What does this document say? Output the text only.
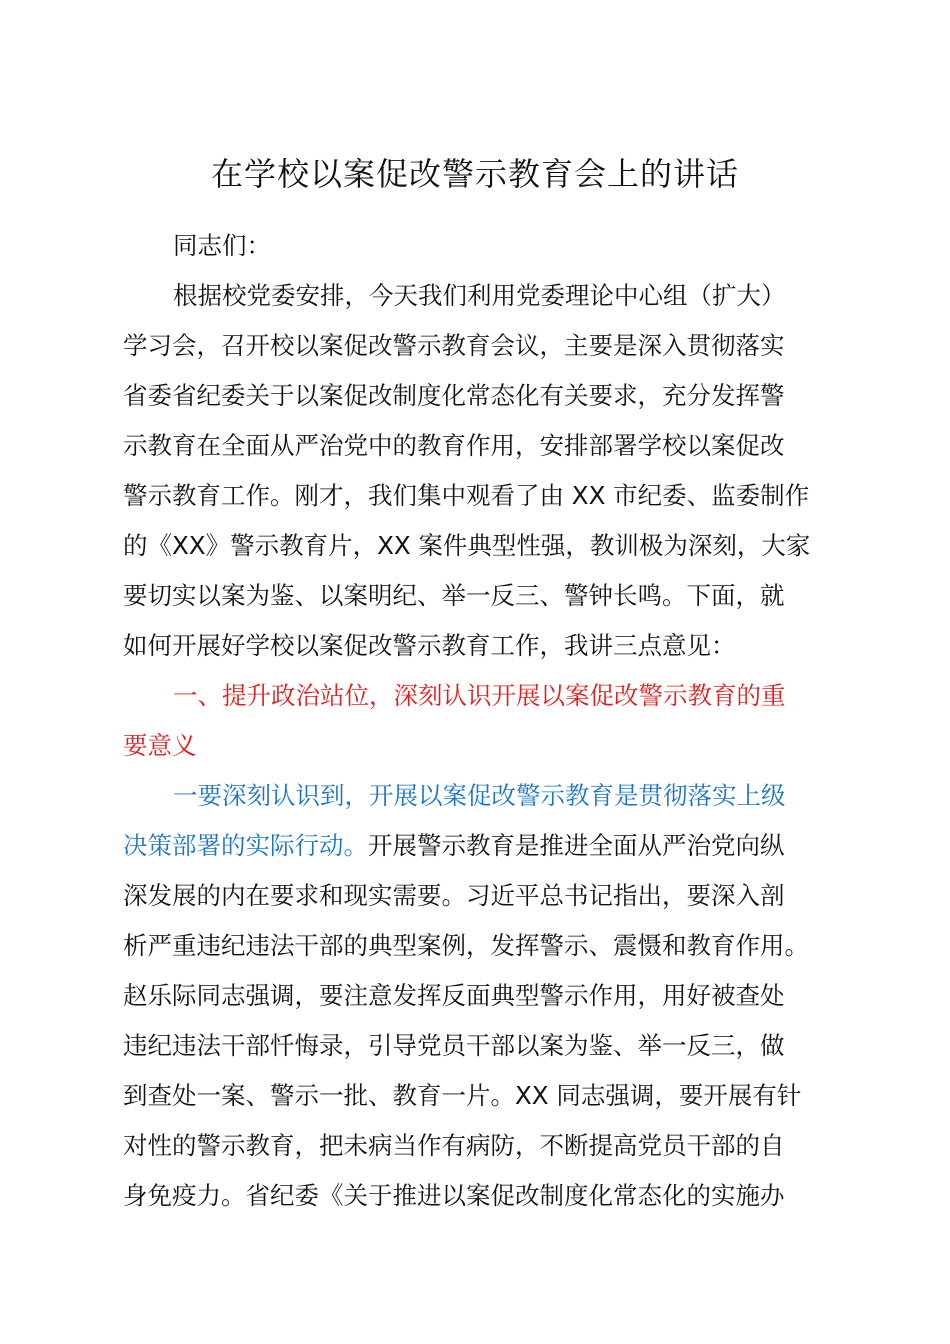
在学校以案促改警示教育会上的讲话
同志们：
根据校党委安排，今天我们利用党委理论中心组（扩大）
学习会，召开校以案促改警示教育会议，主要是深入贯彻落实
省委省纪委关于以案促改制度化常态化有关要求，充分发挥警
示教育在全面从严治党中的教育作用，安排部署学校以案促改
警示教育工作。刚才，我们集中观看了由 XX 市纪委、监委制作
的《XX》警示教育片，XX 案件典型性强，教训极为深刻，大家
要切实以案为鉴、以案明纪、举一反三、警钟长鸣。下面，就
如何开展好学校以案促改警示教育工作，我讲三点意见：
一、提升政治站位，深刻认识开展以案促改警示教育的重
要意义
一要深刻认识到，开展以案促改警示教育是贯彻落实上级
决策部署的实际行动。开展警示教育是推进全面从严治党向纵
深发展的内在要求和现实需要。习近平总书记指出，要深入剖
析严重违纪违法干部的典型案例，发挥警示、震慑和教育作用。
赵乐际同志强调，要注意发挥反面典型警示作用，用好被查处
违纪违法干部忏悔录，引导党员干部以案为鉴、举一反三，做
到查处一案、警示一批、教育一片。XX 同志强调，要开展有针
对性的警示教育，把未病当作有病防，不断提高党员干部的自
身免疫力。省纪委《关于推进以案促改制度化常态化的实施办
